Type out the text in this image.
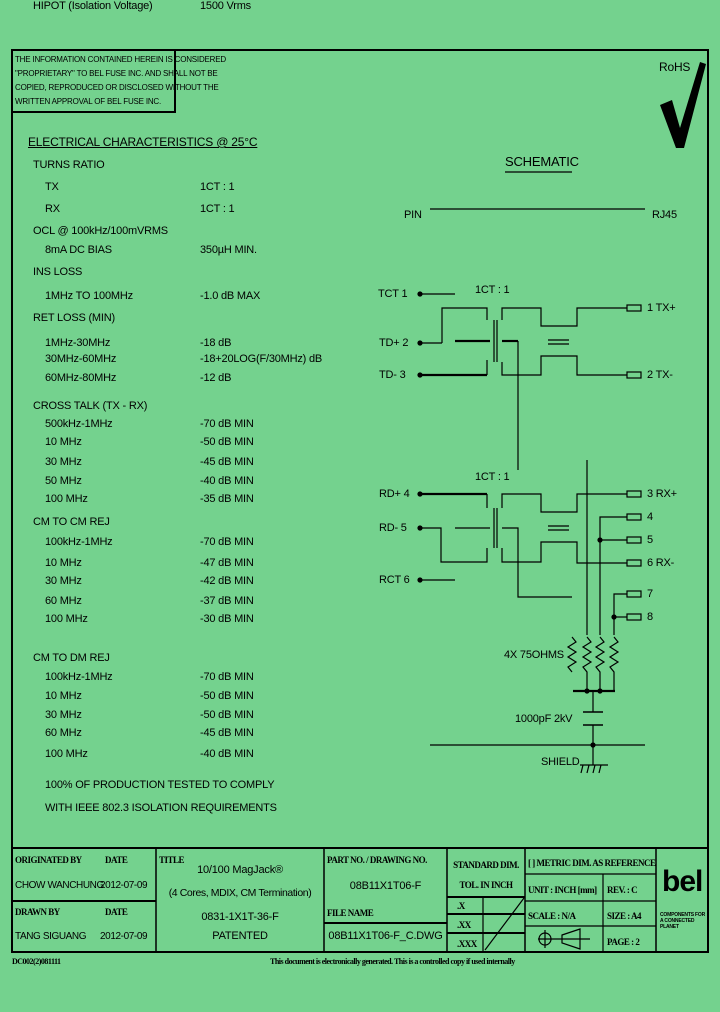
THE INFORMATION CONTAINED HEREIN IS CONSIDERED
"PROPRIETARY" TO BEL FUSE INC. AND SHALL NOT BE
COPIED, REPRODUCED OR DISCLOSED WITHOUT THE
WRITTEN APPROVAL OF BEL FUSE INC.
RoHS
ELECTRICAL CHARACTERISTICS @ 25°C
TURNS RATIO
TX	1CT : 1
RX	1CT : 1
OCL @ 100kHz/100mVRMS
8mA DC BIAS	350µH MIN.
INS LOSS
1MHz TO 100MHz	-1.0 dB MAX
RET LOSS (MIN)
1MHz-30MHz	-18 dB
30MHz-60MHz	-18+20LOG(F/30MHz) dB
60MHz-80MHz	-12 dB
CROSS TALK (TX - RX)
500kHz-1MHz	-70 dB MIN
10 MHz	-50 dB MIN
30 MHz	-45 dB MIN
50 MHz	-40 dB MIN
100 MHz	-35 dB MIN
CM TO CM REJ
100kHz-1MHz	-70 dB MIN
10 MHz	-47 dB MIN
30 MHz	-42 dB MIN
60 MHz	-37 dB MIN
100 MHz	-30 dB MIN
CM TO DM REJ
100kHz-1MHz	-70 dB MIN
10 MHz	-50 dB MIN
30 MHz	-50 dB MIN
60 MHz	-45 dB MIN
100 MHz	-40 dB MIN
HIPOT (Isolation Voltage)	1500 Vrms
100% OF PRODUCTION TESTED TO COMPLY
WITH IEEE 802.3 ISOLATION REQUIREMENTS
SCHEMATIC
PIN	RJ45
TCT 1	1CT : 1
TD+ 2
TD- 3
1 TX+
2 TX-
1CT : 1
RD+ 4
RD- 5
RCT 6
3 RX+
4
5
6 RX-
7
8
4X 75OHMS
1000pF 2kV
SHIELD
ORIGINATED BY	DATE
CHOW WANCHUNG
2012-07-09
DRAWN BY	DATE
TANG SIGUANG 2012-07-09
TITLE
10/100 MagJack®
(4 Cores, MDIX, CM Termination)
0831-1X1T-36-F
PATENTED
PART NO. / DRAWING NO.
08B11X1T06-F
FILE NAME
08B11X1T06-F_C.DWG
STANDARD DIM.
TOL. IN INCH
.X
.XX
.XXX
[ ] METRIC DIM. AS REFERENCE
UNIT : INCH [mm] REV. : C
SCALE : N/A	SIZE : A4
PAGE : 2
bel
COMPONENTS FOR A CONNECTED PLANET
DC002(2)081111	This document is electronically generated. This is a controlled copy if used internally
